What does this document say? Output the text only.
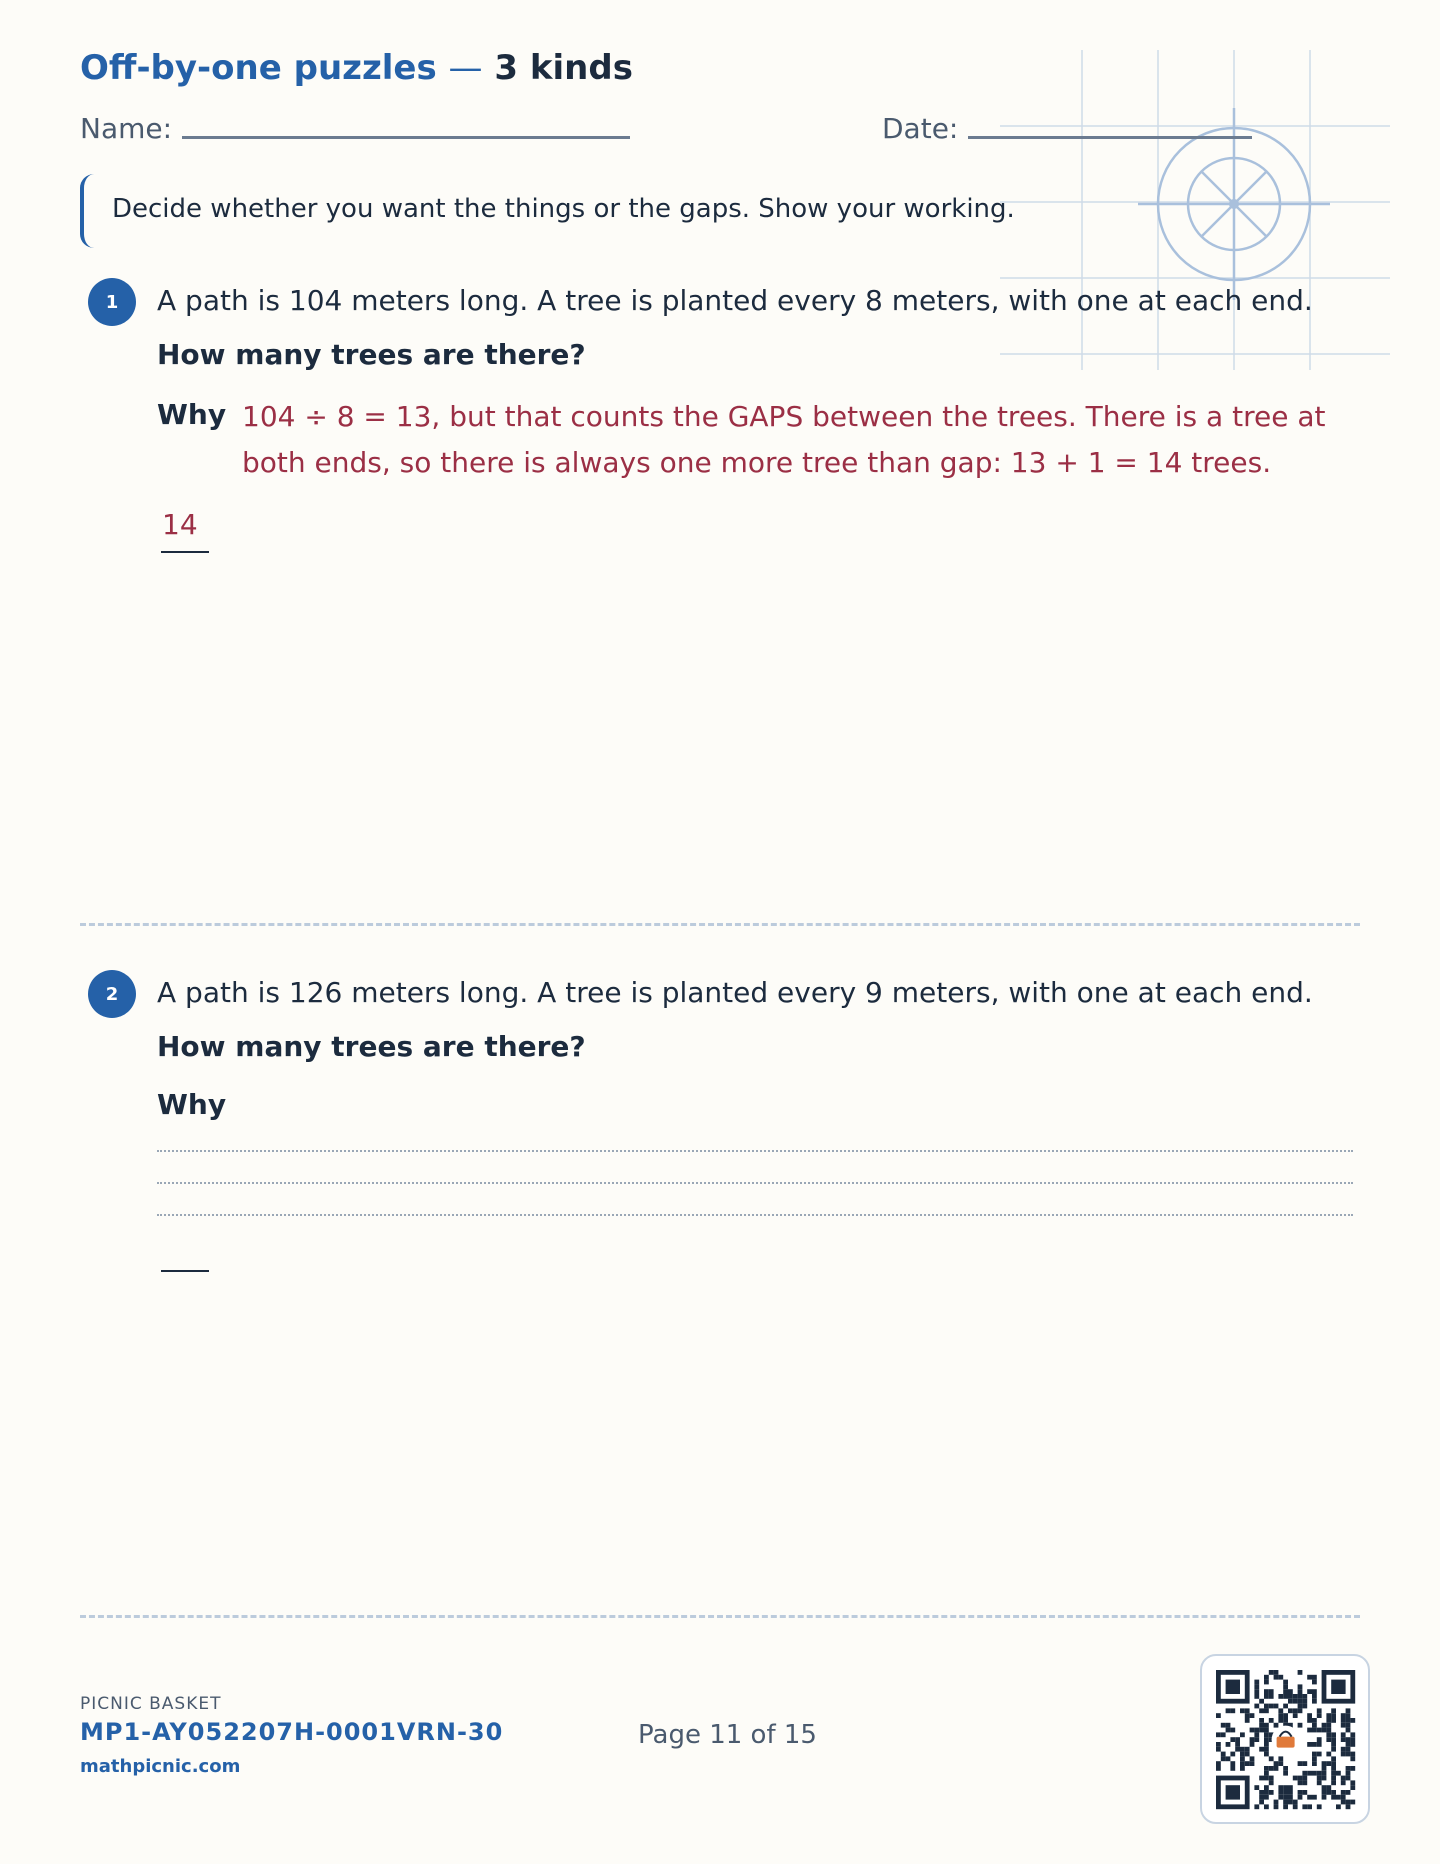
Off-by-one puzzles — 3 kinds
Name:	Date:
Decide whether you want the things or the gaps. Show your working.
1	A path is 104 meters long. A tree is planted every 8 meters, with one at each end.
How many trees are there?
Why 104 ÷ 8 = 13, but that counts the GAPS between the trees. There is a tree at both ends, so there is always one more tree than gap: 13 + 1 = 14 trees.
14
2	A path is 126 meters long. A tree is planted every 9 meters, with one at each end.
How many trees are there?
Why
PICNIC BASKET
MP1-AY052207H-0001VRN-30
mathpicnic.com
Page 11 of 15
